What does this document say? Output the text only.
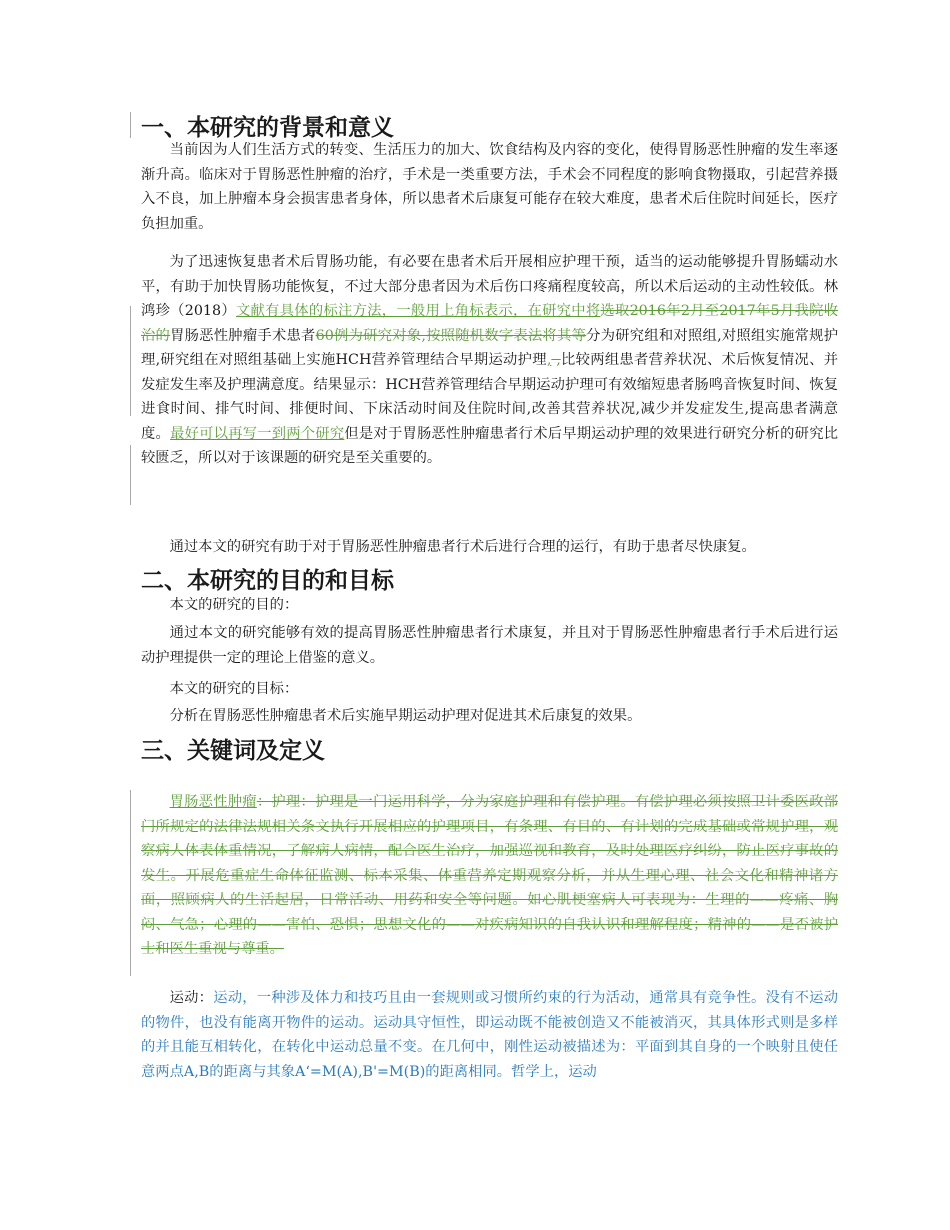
一、本研究的背景和意义

当前因为人们生活方式的转变、生活压力的加大、饮食结构及内容的变化，使得胃肠恶性肿瘤的发生率逐渐升高。临床对于胃肠恶性肿瘤的治疗，手术是一类重要方法，手术会不同程度的影响食物摄取，引起营养摄入不良，加上肿瘤本身会损害患者身体，所以患者术后康复可能存在较大难度，患者术后住院时间延长，医疗负担加重。

为了迅速恢复患者术后胃肠功能，有必要在患者术后开展相应护理干预，适当的运动能够提升胃肠蠕动水平，有助于加快胃肠功能恢复，不过大部分患者因为术后伤口疼痛程度较高，所以术后运动的主动性较低。林鸿珍（2018）文献有具体的标注方法，一般用上角标表示，在研究中将选取2016年2月至2017年5月我院收治的胃肠恶性肿瘤手术患者60例为研究对象,按照随机数字表法将其等分为研究组和对照组,对照组实施常规护理,研究组在对照组基础上实施HCH营养管理结合早期运动护理, ,比较两组患者营养状况、术后恢复情况、并发症发生率及护理满意度。结果显示：HCH营养管理结合早期运动护理可有效缩短患者肠鸣音恢复时间、恢复进食时间、排气时间、排便时间、下床活动时间及住院时间,改善其营养状况,减少并发症发生,提高患者满意度。最好可以再写一到两个研究但是对于胃肠恶性肿瘤患者行术后早期运动护理的效果进行研究分析的研究比较匮乏，所以对于该课题的研究是至关重要的。

通过本文的研究有助于对于胃肠恶性肿瘤患者行术后进行合理的运行，有助于患者尽快康复。

二、本研究的目的和目标

本文的研究的目的：

通过本文的研究能够有效的提高胃肠恶性肿瘤患者行术康复，并且对于胃肠恶性肿瘤患者行手术后进行运动护理提供一定的理论上借鉴的意义。

本文的研究的目标：

分析在胃肠恶性肿瘤患者术后实施早期运动护理对促进其术后康复的效果。

三、关键词及定义

胃肠恶性肿瘤：护理：护理是一门运用科学，分为家庭护理和有偿护理。有偿护理必须按照卫计委医政部门所规定的法律法规相关条文执行开展相应的护理项目，有条理、有目的、有计划的完成基础或常规护理，观察病人体表体重情况，了解病人病情，配合医生治疗，加强巡视和教育，及时处理医疗纠纷，防止医疗事故的发生。开展危重症生命体征监测、标本采集、体重营养定期观察分析，并从生理心理、社会文化和精神诸方面，照顾病人的生活起居，日常活动、用药和安全等问题。如心肌梗塞病人可表现为：生理的——疼痛、胸闷、气急；心理的——害怕、恐惧；思想文化的——对疾病知识的自我认识和理解程度；精神的——是否被护士和医生重视与尊重。

运动：运动，一种涉及体力和技巧且由一套规则或习惯所约束的行为活动，通常具有竞争性。没有不运动的物件，也没有能离开物件的运动。运动具守恒性，即运动既不能被创造又不能被消灭，其具体形式则是多样的并且能互相转化，在转化中运动总量不变。在几何中，刚性运动被描述为：平面到其自身的一个映射且使任意两点A,B的距离与其象A‘=M(A),B'=M(B)的距离相同。哲学上，运动
